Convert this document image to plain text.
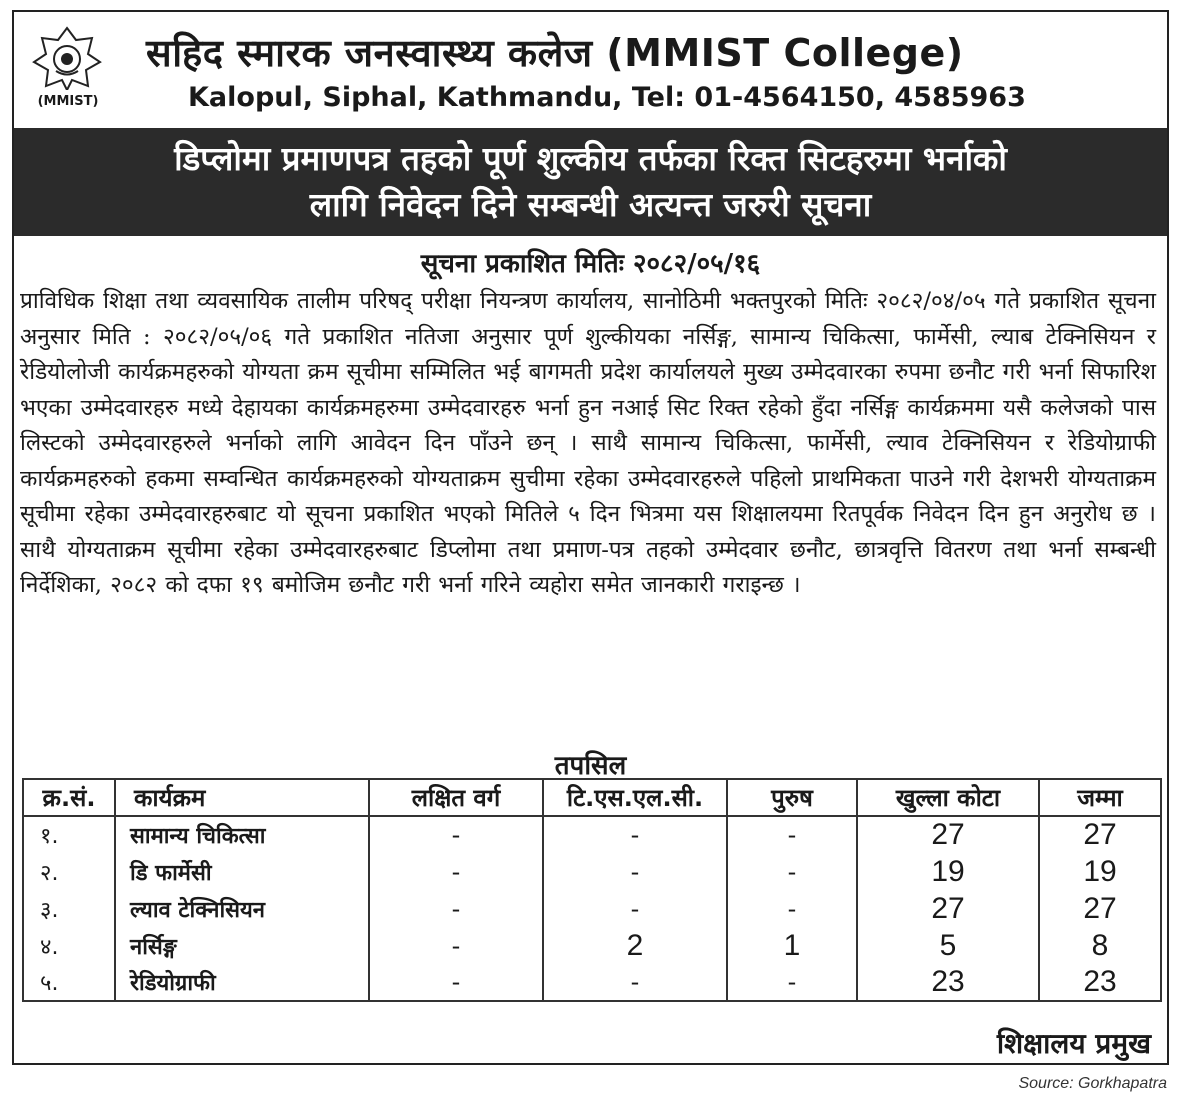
(MMIST)
सहिद स्मारक जनस्वास्थ्य कलेज (MMIST College)
Kalopul, Siphal, Kathmandu, Tel: 01-4564150, 4585963
डिप्लोमा प्रमाणपत्र तहको पूर्ण शुल्कीय तर्फका रिक्त सिटहरुमा भर्नाको
लागि निवेदन दिने सम्बन्धी अत्यन्त जरुरी सूचना
सूचना प्रकाशित मितिः २०८२/०५/१६
प्राविधिक शिक्षा तथा व्यवसायिक तालीम परिषद् परीक्षा नियन्त्रण कार्यालय, सानोठिमी भक्तपुरको मितिः २०८२/०४/०५ गते प्रकाशित सूचना अनुसार मिति : २०८२/०५/०६ गते प्रकाशित नतिजा अनुसार पूर्ण शुल्कीयका नर्सिङ्ग, सामान्य चिकित्सा, फार्मेसी, ल्याब टेक्निसियन र रेडियोलोजी कार्यक्रमहरुको योग्यता क्रम सूचीमा सम्मिलित भई बागमती प्रदेश कार्यालयले मुख्य उम्मेदवारका रुपमा छनौट गरी भर्ना सिफारिश भएका उम्मेदवारहरु मध्ये देहायका कार्यक्रमहरुमा उम्मेदवारहरु भर्ना हुन नआई सिट रिक्त रहेको हुँदा नर्सिङ्ग कार्यक्रममा यसै कलेजको पास लिस्टको उम्मेदवारहरुले भर्नाको लागि आवेदन दिन पाँउने छन् । साथै सामान्य चिकित्सा, फार्मेसी, ल्याव टेक्निसियन र रेडियोग्राफी कार्यक्रमहरुको हकमा सम्वन्धित कार्यक्रमहरुको योग्यताक्रम सुचीमा रहेका उम्मेदवारहरुले पहिलो प्राथमिकता पाउने गरी देशभरी योग्यताक्रम सूचीमा रहेका उम्मेदवारहरुबाट यो सूचना प्रकाशित भएको मितिले ५ दिन भित्रमा यस शिक्षालयमा रितपूर्वक निवेदन दिन हुन अनुरोध छ । साथै योग्यताक्रम सूचीमा रहेका उम्मेदवारहरुबाट डिप्लोमा तथा प्रमाण-पत्र तहको उम्मेदवार छनौट, छात्रवृत्ति वितरण तथा भर्ना सम्बन्धी निर्देशिका, २०८२ को दफा १९ बमोजिम छनौट गरी भर्ना गरिने व्यहोरा समेत जानकारी गराइन्छ ।
तपसिल
क्र.सं.	कार्यक्रम	लक्षित वर्ग	टि.एस.एल.सी.	पुरुष	खुल्ला कोटा	जम्मा
१.	सामान्य चिकित्सा	-	-	-	27	27
२.	डि फार्मेसी	-	-	-	19	19
३.	ल्याव टेक्निसियन	-	-	-	27	27
४.	नर्सिङ्ग	-	2	1	5	8
५.	रेडियोग्राफी	-	-	-	23	23
शिक्षालय प्रमुख
Source: Gorkhapatra
